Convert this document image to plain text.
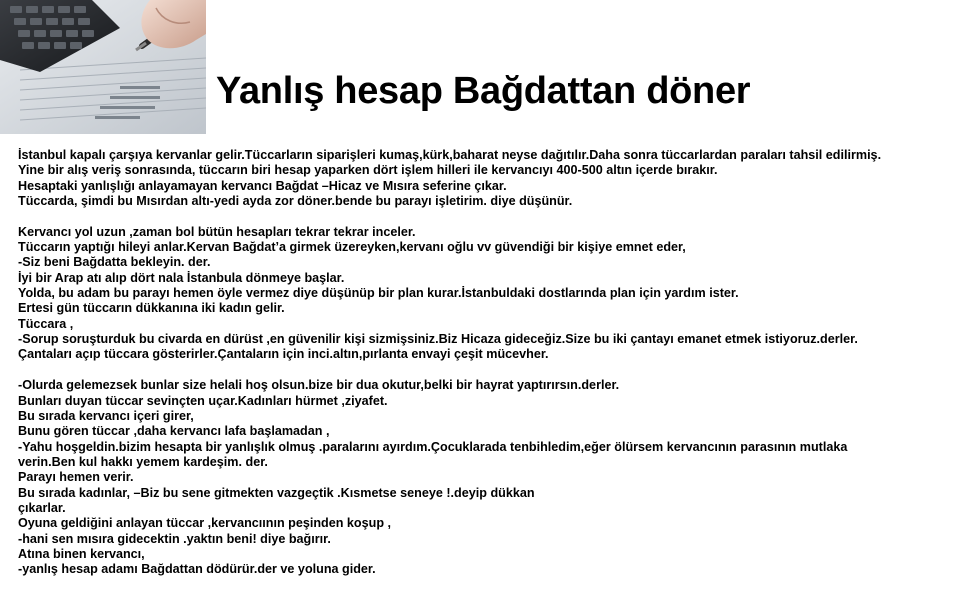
Yanlış hesap Bağdattan döner
İstanbul kapalı çarşıya kervanlar gelir.Tüccarların siparişleri kumaş,kürk,baharat neyse dağıtılır.Daha sonra tüccarlardan paraları tahsil edilirmiş.
Yine bir alış veriş sonrasında, tüccarın biri hesap yaparken dört işlem hilleri ile kervancıyı 400-500 altın içerde bırakır.
Hesaptaki yanlışlığı anlayamayan kervancı Bağdat –Hicaz ve Mısıra seferine çıkar.
Tüccarda, şimdi bu Mısırdan altı-yedi ayda zor döner.bende bu parayı işletirim. diye düşünür.
Kervancı yol uzun ,zaman bol bütün hesapları tekrar tekrar inceler.
Tüccarın yaptığı hileyi anlar.Kervan Bağdat’a girmek üzereyken,kervanı oğlu vv güvendiği bir kişiye emnet eder,
-Siz beni Bağdatta bekleyin. der.
İyi bir Arap atı alıp dört nala İstanbula dönmeye başlar.
Yolda, bu adam bu parayı hemen öyle vermez diye düşünüp bir plan kurar.İstanbuldaki dostlarında plan için yardım ister.
Ertesi gün tüccarın dükkanına iki kadın gelir.
Tüccara ,
-Sorup soruşturduk bu civarda en dürüst ,en güvenilir kişi sizmişsiniz.Biz Hicaza gideceğiz.Size bu iki çantayı emanet etmek istiyoruz.derler.
Çantaları açıp tüccara gösterirler.Çantaların için inci.altın,pırlanta envayi çeşit mücevher.
-Olurda gelemezsek bunlar size helali hoş olsun.bize bir dua okutur,belki bir hayrat yaptırırsın.derler.
Bunları duyan tüccar sevinçten uçar.Kadınları hürmet ,ziyafet.
Bu sırada kervancı içeri girer,
Bunu gören tüccar ,daha kervancı lafa başlamadan ,
-Yahu hoşgeldin.bizim hesapta bir yanlışlık olmuş .paralarını ayırdım.Çocuklarada tenbihledim,eğer ölürsem kervancının parasının mutlaka
verin.Ben kul hakkı yemem kardeşim. der.
Parayı hemen verir.
Bu sırada kadınlar, –Biz bu sene gitmekten vazgeçtik .Kısmetse seneye !.deyip dükkan
çıkarlar.
Oyuna geldiğini anlayan tüccar ,kervancıının peşinden koşup ,
-hani sen mısıra gidecektin .yaktın beni! diye bağırır.
Atına binen kervancı,
-yanlış hesap adamı Bağdattan dödürür.der ve yoluna gider.
